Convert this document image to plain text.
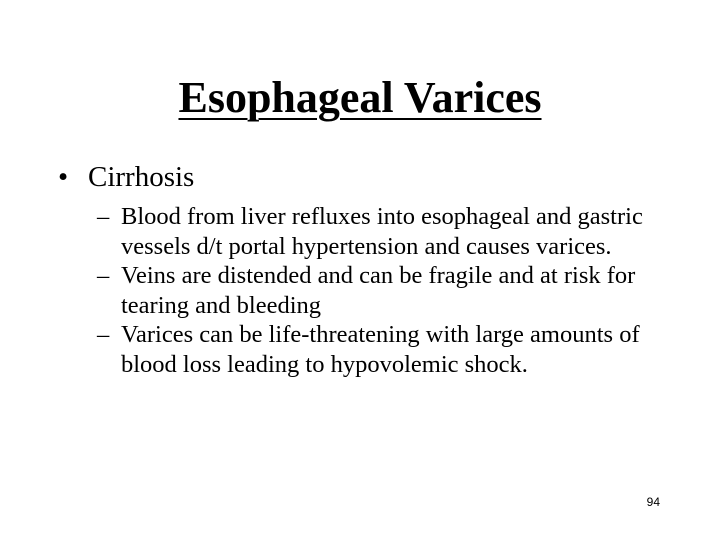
Esophageal Varices
• Cirrhosis
– Blood from liver refluxes into esophageal and gastric vessels d/t portal hypertension and causes varices.
– Veins are distended and can be fragile and at risk for tearing and bleeding
– Varices can be life-threatening with large amounts of blood loss leading to hypovolemic shock.
94
